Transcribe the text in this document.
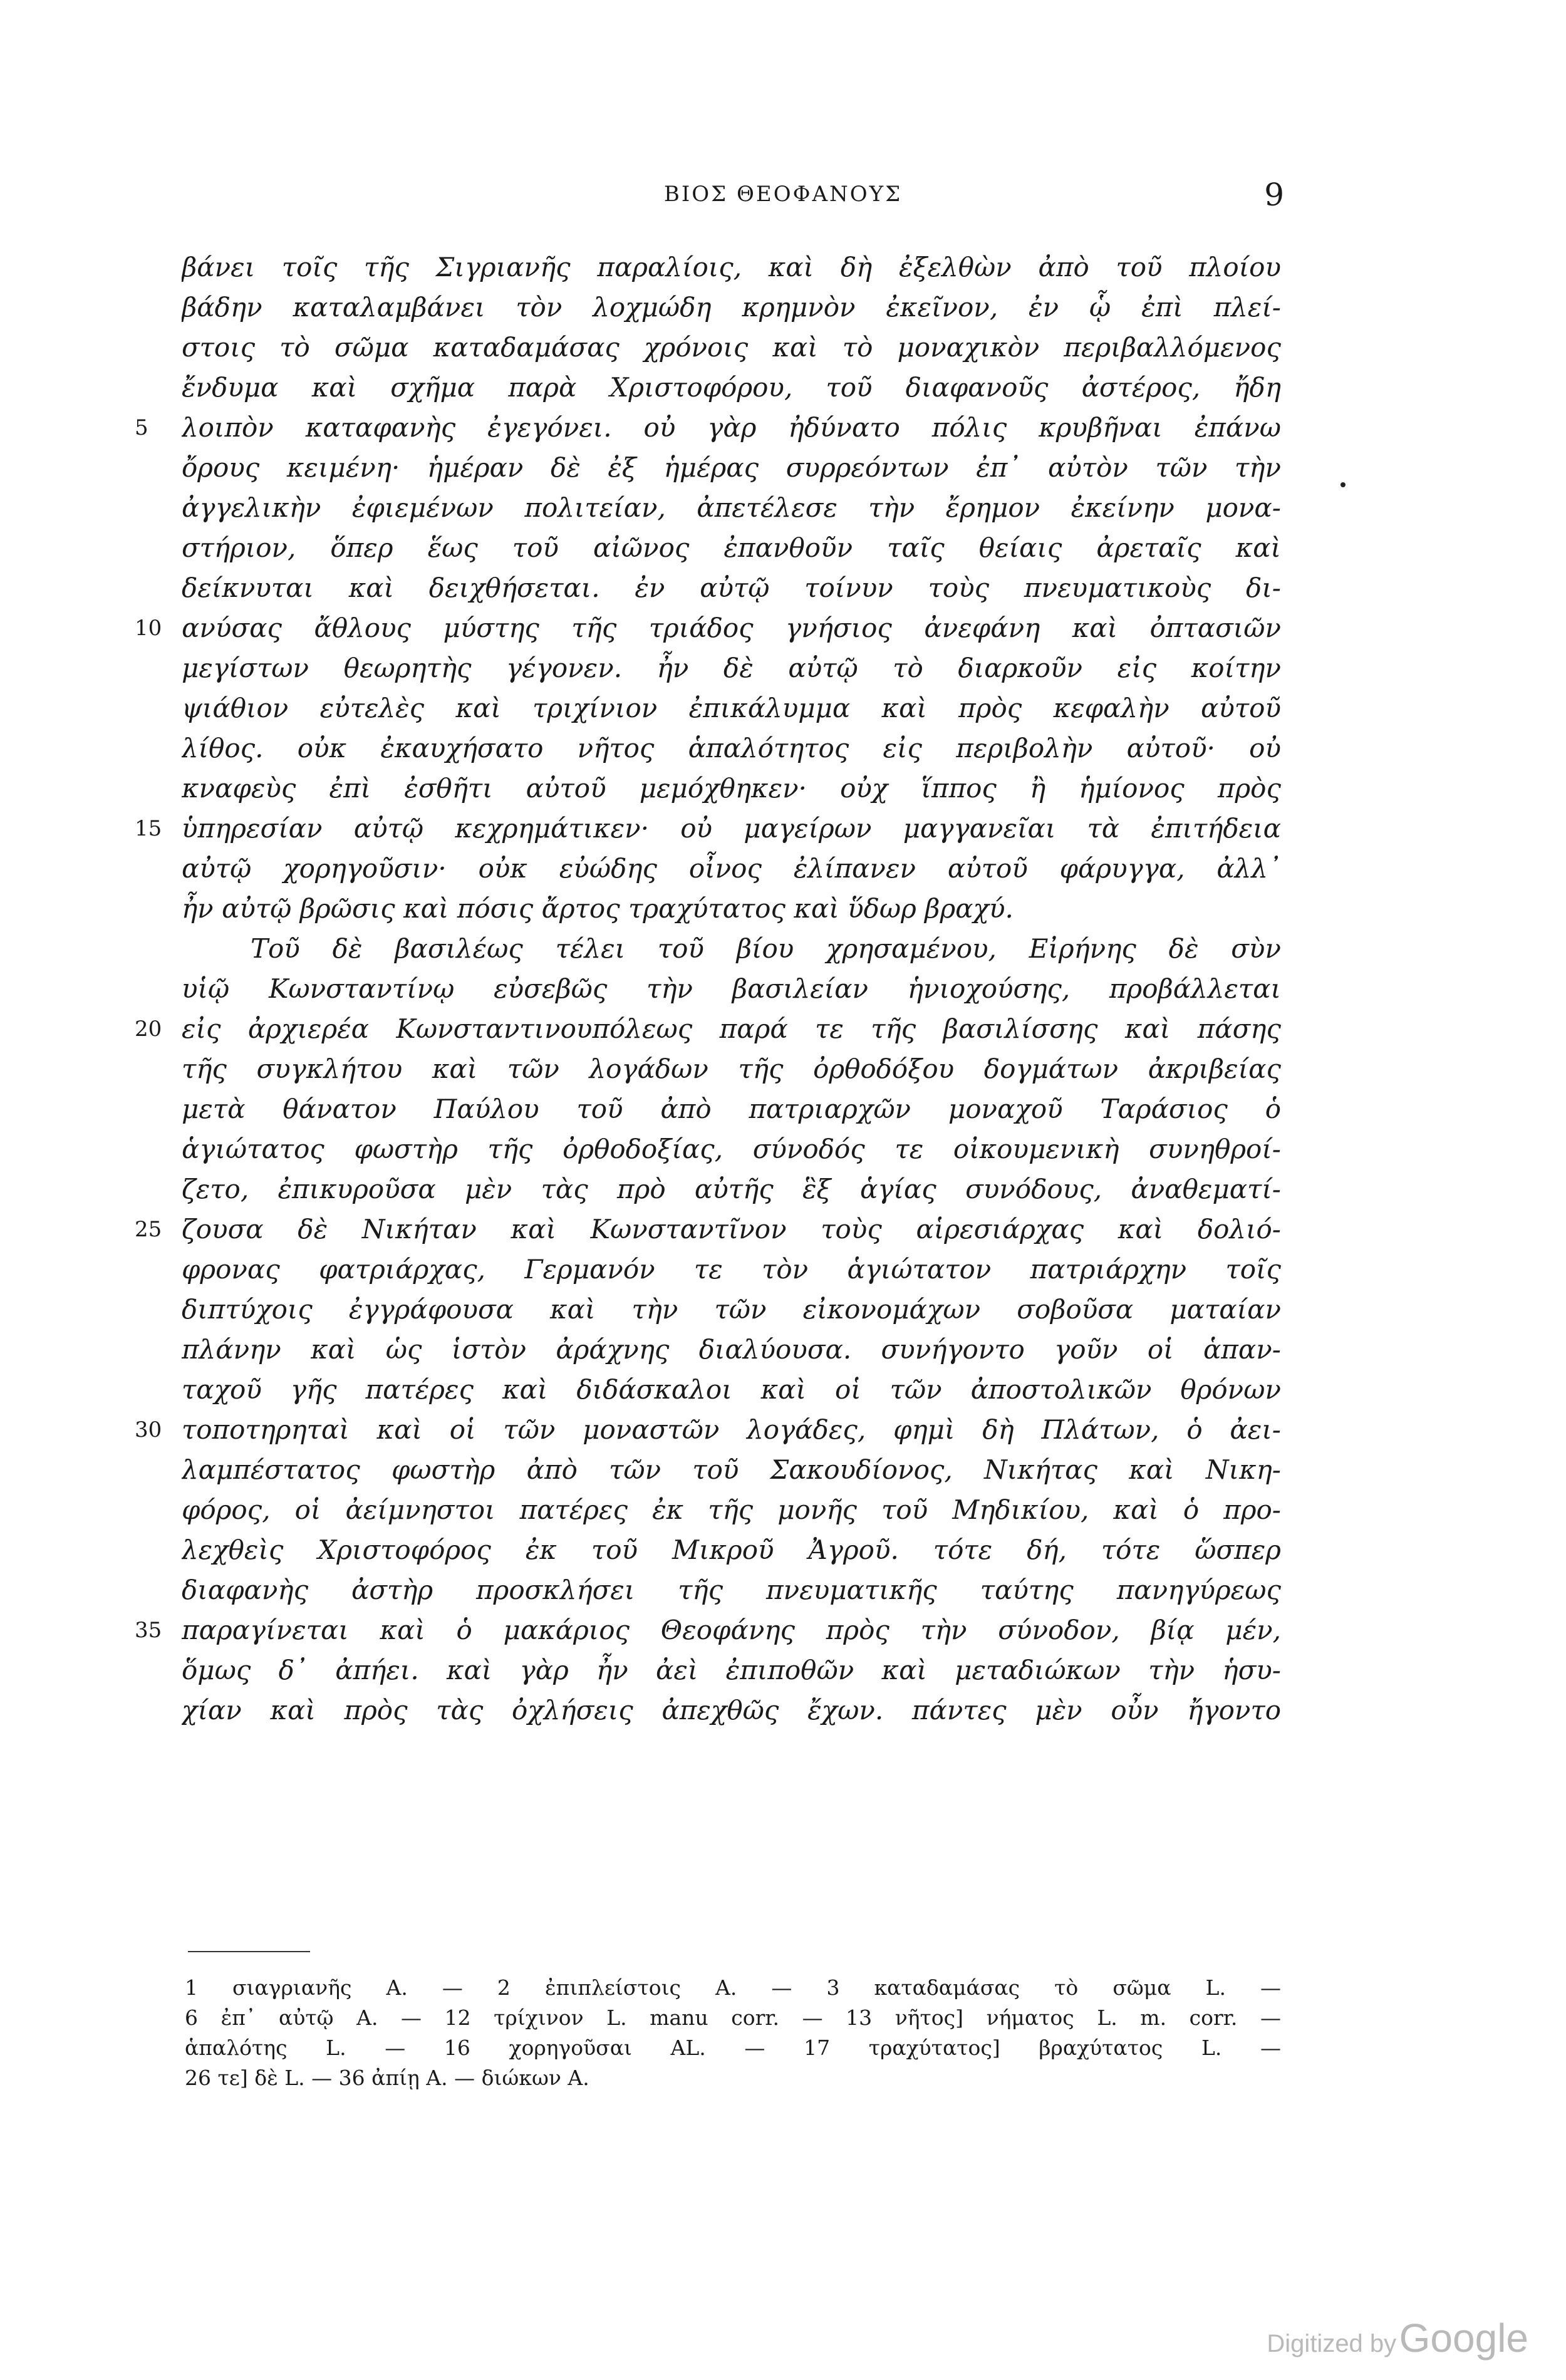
ΒΙΟΣ ΘΕΟΦΑΝΟΥΣ	9
βάνει τοῖς τῆς Σιγριανῆς παραλίοις, καὶ δὴ ἐξελθὼν ἀπὸ τοῦ πλοίου
βάδην καταλαμβάνει τὸν λοχμώδη κρημνὸν ἐκεῖνον, ἐν ᾧ ἐπὶ πλεί-
στοις τὸ σῶμα καταδαμάσας χρόνοις καὶ τὸ μοναχικὸν περιβαλλόμενος
ἔνδυμα καὶ σχῆμα παρὰ Χριστοφόρου, τοῦ διαφανοῦς ἀστέρος, ἤδη
5	λοιπὸν καταφανὴς ἐγεγόνει. οὐ γὰρ ἠδύνατο πόλις κρυβῆναι ἐπάνω
ὄρους κειμένη· ἡμέραν δὲ ἐξ ἡμέρας συρρεόντων ἐπ᾽ αὐτὸν τῶν τὴν
ἀγγελικὴν ἐφιεμένων πολιτείαν, ἀπετέλεσε τὴν ἔρημον ἐκείνην μονα-
στήριον, ὅπερ ἕως τοῦ αἰῶνος ἐπανθοῦν ταῖς θείαις ἀρεταῖς καὶ
δείκνυται καὶ δειχθήσεται. ἐν αὐτῷ τοίνυν τοὺς πνευματικοὺς δι-
10 ανύσας ἄθλους μύστης τῆς τριάδος γνήσιος ἀνεφάνη καὶ ὀπτασιῶν
μεγίστων θεωρητὴς γέγονεν. ἦν δὲ αὐτῷ τὸ διαρκοῦν εἰς κοίτην
ψιάθιον εὐτελὲς καὶ τριχίνιον ἐπικάλυμμα καὶ πρὸς κεφαλὴν αὐτοῦ
λίθος. οὐκ ἐκαυχήσατο νῆτος ἁπαλότητος εἰς περιβολὴν αὐτοῦ· οὐ
κναφεὺς ἐπὶ ἐσθῆτι αὐτοῦ μεμόχθηκεν· οὐχ ἵππος ἢ ἡμίονος πρὸς
15 ὑπηρεσίαν αὐτῷ κεχρημάτικεν· οὐ μαγείρων μαγγανεῖαι τὰ ἐπιτήδεια
αὐτῷ χορηγοῦσιν· οὐκ εὐώδης οἶνος ἐλίπανεν αὐτοῦ φάρυγγα, ἀλλ᾽
ἦν αὐτῷ βρῶσις καὶ πόσις ἄρτος τραχύτατος καὶ ὕδωρ βραχύ.
Τοῦ δὲ βασιλέως τέλει τοῦ βίου χρησαμένου, Εἰρήνης δὲ σὺν
υἱῷ Κωνσταντίνῳ εὐσεβῶς τὴν βασιλείαν ἡνιοχούσης, προβάλλεται
20 εἰς ἀρχιερέα Κωνσταντινουπόλεως παρά τε τῆς βασιλίσσης καὶ πάσης
τῆς συγκλήτου καὶ τῶν λογάδων τῆς ὀρθοδόξου δογμάτων ἀκριβείας
μετὰ θάνατον Παύλου τοῦ ἀπὸ πατριαρχῶν μοναχοῦ Ταράσιος ὁ
ἁγιώτατος φωστὴρ τῆς ὀρθοδοξίας, σύνοδός τε οἰκουμενικὴ συνηθροί-
ζετο, ἐπικυροῦσα μὲν τὰς πρὸ αὐτῆς ἓξ ἁγίας συνόδους, ἀναθεματί-
25 ζουσα δὲ Νικήταν καὶ Κωνσταντῖνον τοὺς αἱρεσιάρχας καὶ δολιό-
φρονας φατριάρχας, Γερμανόν τε τὸν ἁγιώτατον πατριάρχην τοῖς
διπτύχοις ἐγγράφουσα καὶ τὴν τῶν εἰκονομάχων σοβοῦσα ματαίαν
πλάνην καὶ ὡς ἱστὸν ἀράχνης διαλύουσα. συνήγοντο γοῦν οἱ ἁπαν-
ταχοῦ γῆς πατέρες καὶ διδάσκαλοι καὶ οἱ τῶν ἀποστολικῶν θρόνων
30 τοποτηρηταὶ καὶ οἱ τῶν μοναστῶν λογάδες, φημὶ δὴ Πλάτων, ὁ ἀει-
λαμπέστατος φωστὴρ ἀπὸ τῶν τοῦ Σακουδίονος, Νικήτας καὶ Νικη-
φόρος, οἱ ἀείμνηστοι πατέρες ἐκ τῆς μονῆς τοῦ Μηδικίου, καὶ ὁ προ-
λεχθεὶς Χριστοφόρος ἐκ τοῦ Μικροῦ Ἀγροῦ. τότε δή, τότε ὥσπερ
διαφανὴς ἀστὴρ προσκλήσει τῆς πνευματικῆς ταύτης πανηγύρεως
35 παραγίνεται καὶ ὁ μακάριος Θεοφάνης πρὸς τὴν σύνοδον, βίᾳ μέν,
ὅμως δ᾽ ἀπήει. καὶ γὰρ ἦν ἀεὶ ἐπιποθῶν καὶ μεταδιώκων τὴν ἡσυ-
χίαν καὶ πρὸς τὰς ὀχλήσεις ἀπεχθῶς ἔχων. πάντες μὲν οὖν ἤγοντο
1 σιαγριανῆς A. — 2 ἐπιπλείστοις A. — 3 καταδαμάσας τὸ σῶμα L. —
6 ἐπ᾽ αὐτῷ A. — 12 τρίχινον L. manu corr. — 13 νῆτος] νήματος L. m. corr. —
ἁπαλότης L. — 16 χορηγοῦσαι AL. — 17 τραχύτατος] βραχύτατος L. —
26 τε] δὲ L. — 36 ἀπίῃ A. — διώκων A.
Digitized by Google
